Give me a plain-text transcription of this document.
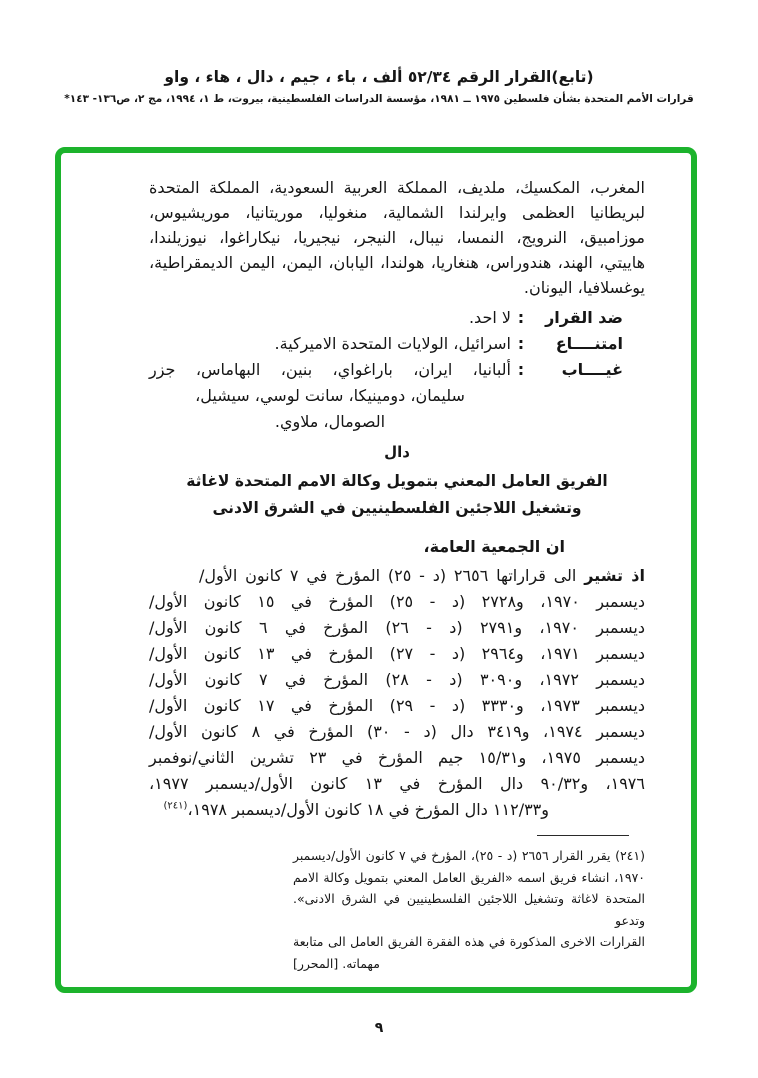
(تابع)القرار الرقم ٥٢/٣٤ ألف ، باء ، جيم ، دال ، هاء ، واو
قرارات الأمم المتحدة بشأن فلسطين ١٩٧٥ ــ ١٩٨١، مؤسسة الدراسات الفلسطينية، بيروت، ط ١، ١٩٩٤، مج ٢، ص١٣٦- ١٤٣*

المغرب، المكسيك، ملديف، المملكة العربية السعودية، المملكة المتحدة لبريطانيا العظمى وايرلندا الشمالية، منغوليا، موريتانيا، موريشيوس، موزامبيق، النرويج، النمسا، نيبال، النيجر، نيجيريا، نيكاراغوا، نيوزيلندا، هاييتي، الهند، هندوراس، هنغاريا، هولندا، اليابان، اليمن، اليمن الديمقراطية، يوغسلافيا، اليونان.

ضد القرار
:
لا احد.
امتنــــاع
:
اسرائيل، الولايات المتحدة الاميركية.
غيــــاب
:
ألبانيا، ايران، باراغواي، بنين، البهاماس، جزر
سليمان، دومينيكا، سانت لوسي، سيشيل،
الصومال، ملاوي.
دال
الفريق العامل المعني بتمويل وكالة الامم المتحدة لاغاثة
وتشغيل اللاجئين الفلسطينيين في الشرق الادنى
ان الجمعية العامة،
اذ تشير الى قراراتها ٢٦٥٦ (د - ٢٥) المؤرخ في ٧ كانون الأول/
ديسمبر ١٩٧٠، و٢٧٢٨ (د - ٢٥) المؤرخ في ١٥ كانون الأول/
ديسمبر ١٩٧٠، و٢٧٩١ (د - ٢٦) المؤرخ في ٦ كانون الأول/
ديسمبر ١٩٧١، و٢٩٦٤ (د - ٢٧) المؤرخ في ١٣ كانون الأول/
ديسمبر ١٩٧٢، و٣٠٩٠ (د - ٢٨) المؤرخ في ٧ كانون الأول/
ديسمبر ١٩٧٣، و٣٣٣٠ (د - ٢٩) المؤرخ في ١٧ كانون الأول/
ديسمبر ١٩٧٤، و٣٤١٩ دال (د - ٣٠) المؤرخ في ٨ كانون الأول/
ديسمبر ١٩٧٥، و١٥/٣١ جيم المؤرخ في ٢٣ تشرين الثاني/نوفمبر
١٩٧٦، و٩٠/٣٢ دال المؤرخ في ١٣ كانون الأول/ديسمبر ١٩٧٧،
و١١٢/٣٣ دال المؤرخ في ١٨ كانون الأول/ديسمبر ١٩٧٨،$^{(٢٤١)}$
(٢٤١) يقرر القرار ٢٦٥٦ (د - ٢٥)، المؤرخ في ٧ كانون الأول/ديسمبر
١٩٧٠، انشاء فريق اسمه «الفريق العامل المعني بتمويل وكالة الامم
المتحدة لاغاثة وتشغيل اللاجئين الفلسطينيين في الشرق الادنى». وتدعو
القرارات الاخرى المذكورة في هذه الفقرة الفريق العامل الى متابعة
مهماته. [المحرر]
٩
